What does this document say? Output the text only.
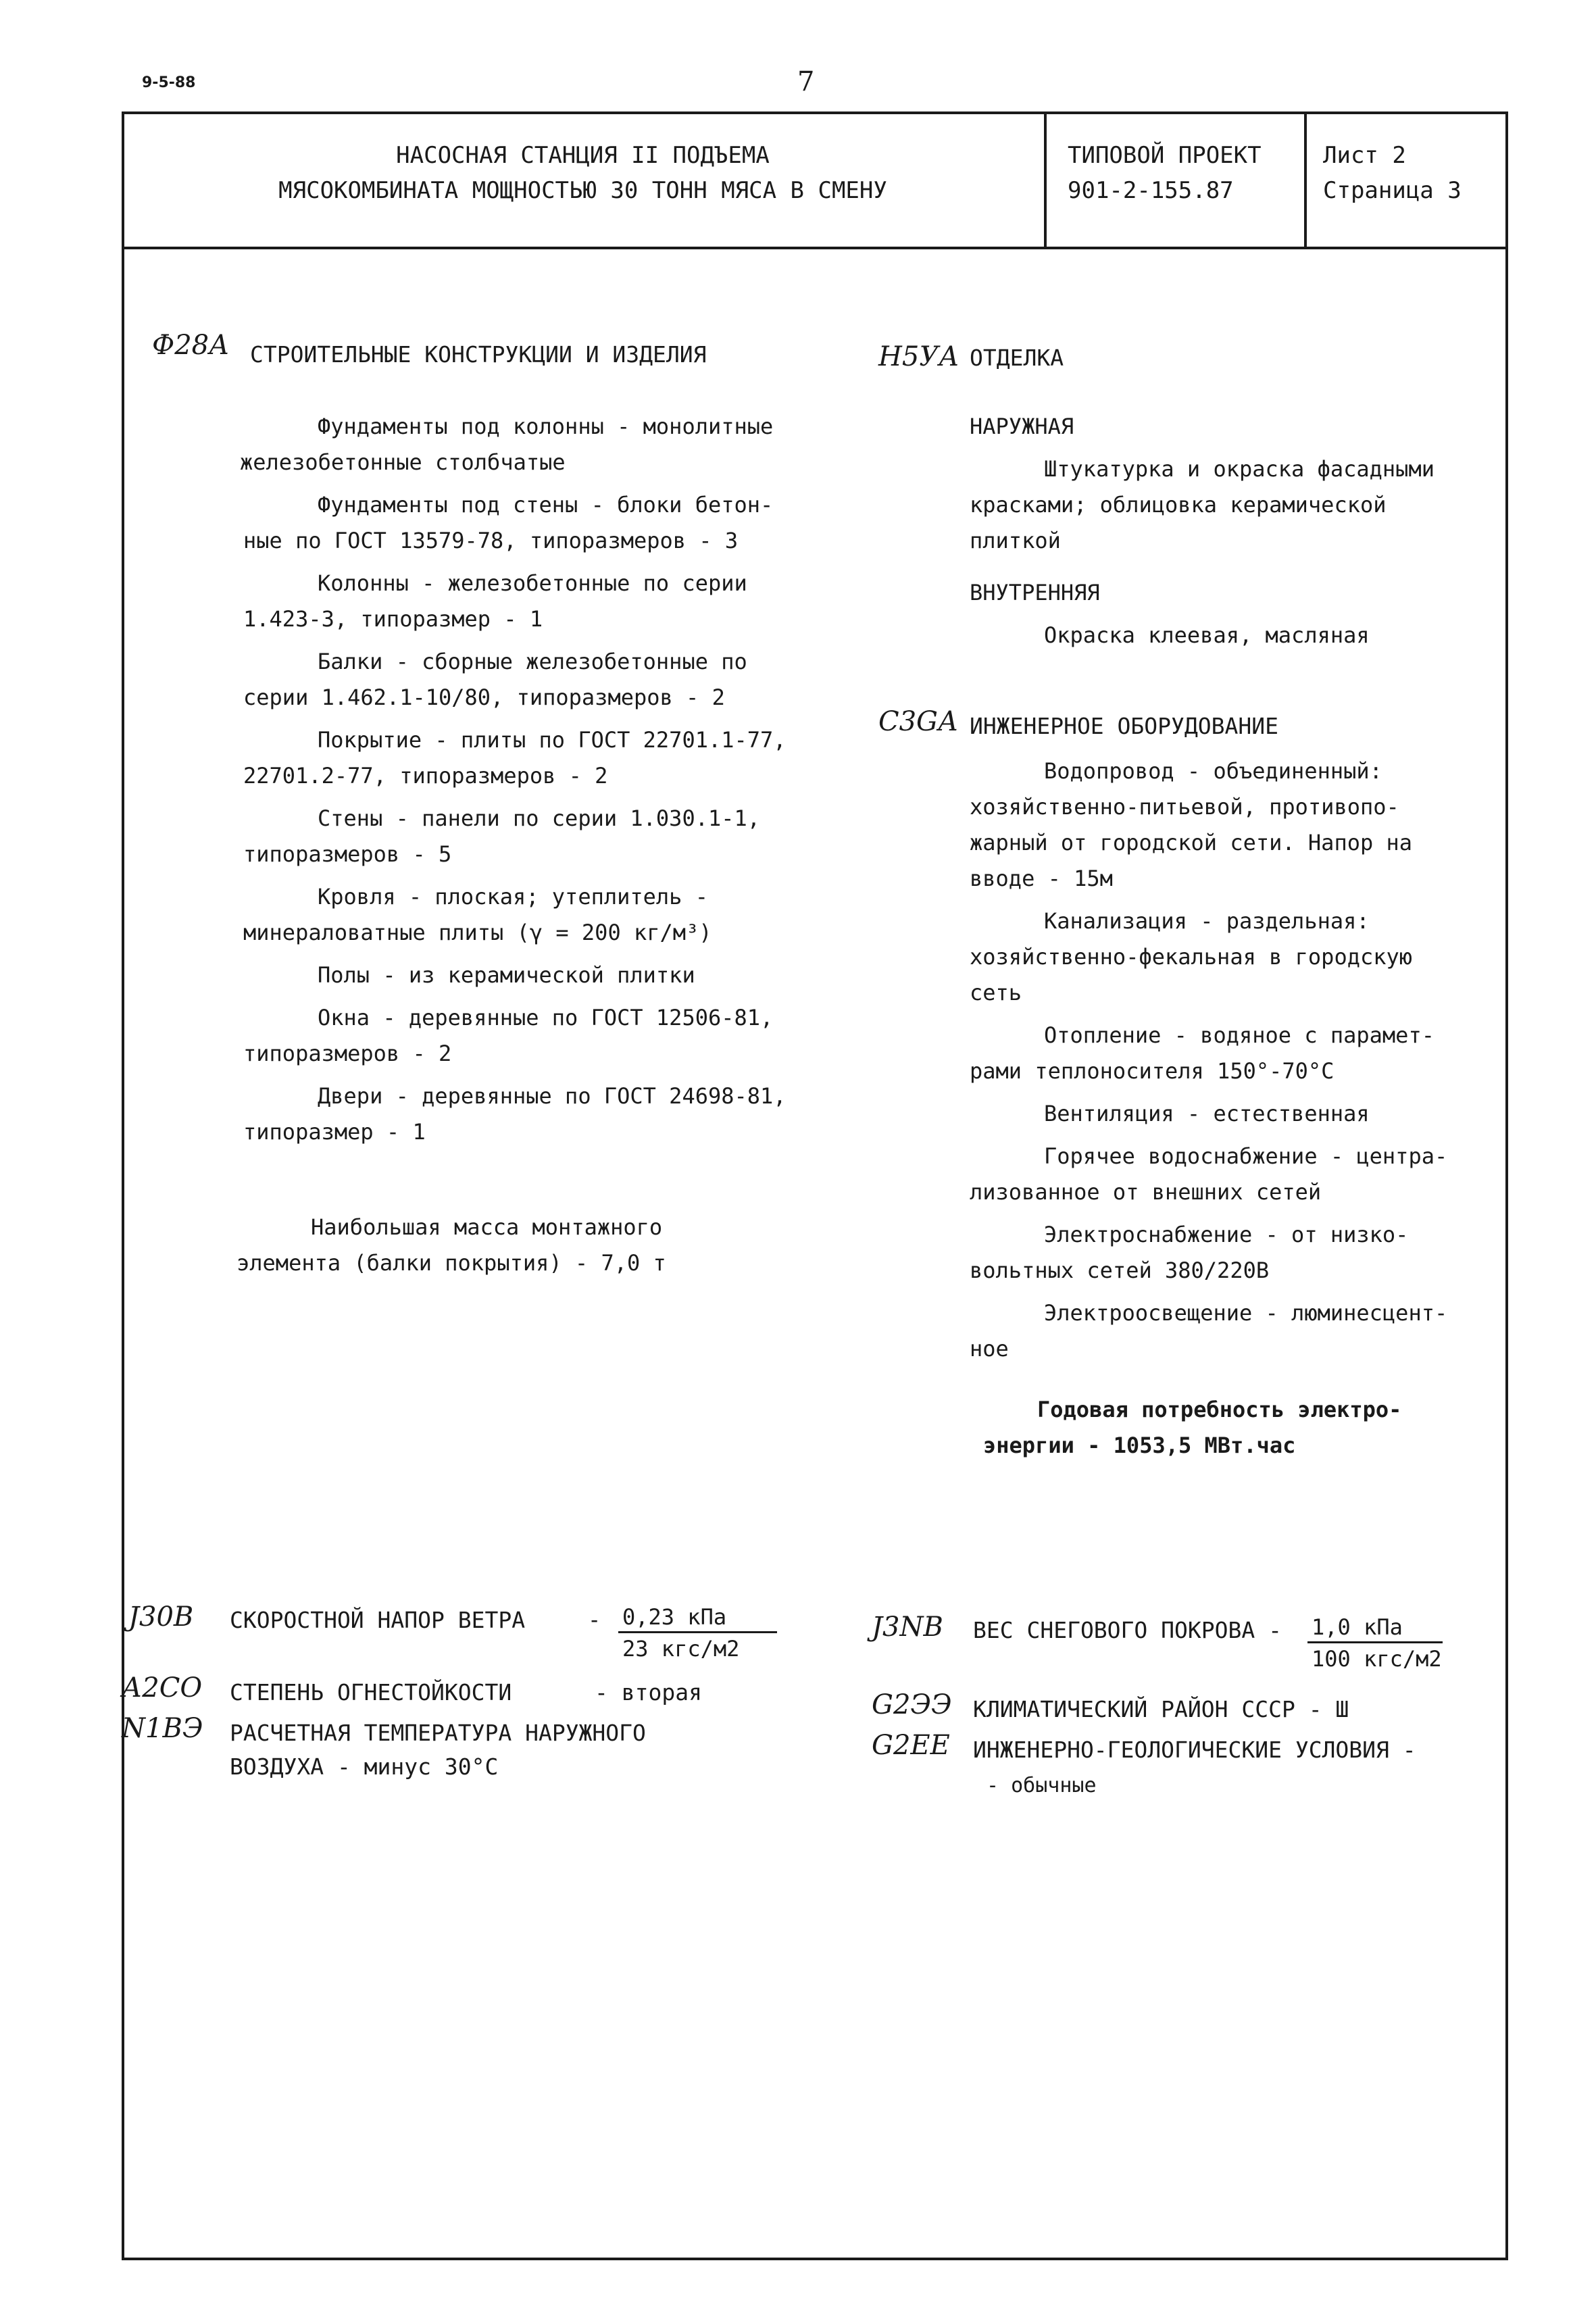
9-5-88	7
НАСОСНАЯ СТАНЦИЯ II ПОДЪЕМА
МЯСОКОМБИНАТА МОЩНОСТЬЮ 30 ТОНН МЯСА В СМЕНУ
ТИПОВОЙ ПРОЕКТ
901-2-155.87
Лист 2
Страница 3
Ф28А СТРОИТЕЛЬНЫЕ КОНСТРУКЦИИ И ИЗДЕЛИЯ
Фундаменты под колонны - монолитные
железобетонные столбчатые
Фундаменты под стены - блоки бетон-
ные по ГОСТ 13579-78, типоразмеров - 3
Колонны - железобетонные по серии
1.423-3, типоразмер - 1
Балки - сборные железобетонные по
серии 1.462.1-10/80, типоразмеров - 2
Покрытие - плиты по ГОСТ 22701.1-77,
22701.2-77, типоразмеров - 2
Стены - панели по серии 1.030.1-1,
типоразмеров - 5
Кровля - плоская; утеплитель -
минераловатные плиты (γ = 200 кг/м³)
Полы - из керамической плитки
Окна - деревянные по ГОСТ 12506-81,
типоразмеров - 2
Двери - деревянные по ГОСТ 24698-81,
типоразмер - 1
Наибольшая масса монтажного
элемента (балки покрытия) - 7,0 т
Н5УА ОТДЕЛКА
НАРУЖНАЯ
Штукатурка и окраска фасадными
красками; облицовка керамической
плиткой
ВНУТРЕННЯЯ
Окраска клеевая, масляная
С3GА ИНЖЕНЕРНОЕ ОБОРУДОВАНИЕ
Водопровод - объединенный:
хозяйственно-питьевой, противопо-
жарный от городской сети. Напор на
вводе - 15м
Канализация - раздельная:
хозяйственно-фекальная в городскую
сеть
Отопление - водяное с парамет-
рами теплоносителя 150°-70°С
Вентиляция - естественная
Горячее водоснабжение - центра-
лизованное от внешних сетей
Электроснабжение - от низко-
вольтных сетей 380/220В
Электроосвещение - люминесцент-
ное
Годовая потребность электро-
энергии - 1053,5 МВт.час
J30В СКОРОСТНОЙ НАПОР ВЕТРА	- 0,23 кПа
23 кгс/м2
А2СО СТЕПЕНЬ ОГНЕСТОЙКОСТИ	- вторая
N1ВЭ РАСЧЕТНАЯ ТЕМПЕРАТУРА НАРУЖНОГО
ВОЗДУХА - минус 30°С
J3NВ ВЕС СНЕГОВОГО ПОКРОВА - 1,0 кПа
100 кгс/м2
G2ЭЭ КЛИМАТИЧЕСКИЙ РАЙОН СССР - Ш
G2ЕЕ ИНЖЕНЕРНО-ГЕОЛОГИЧЕСКИЕ УСЛОВИЯ -
- обычные
